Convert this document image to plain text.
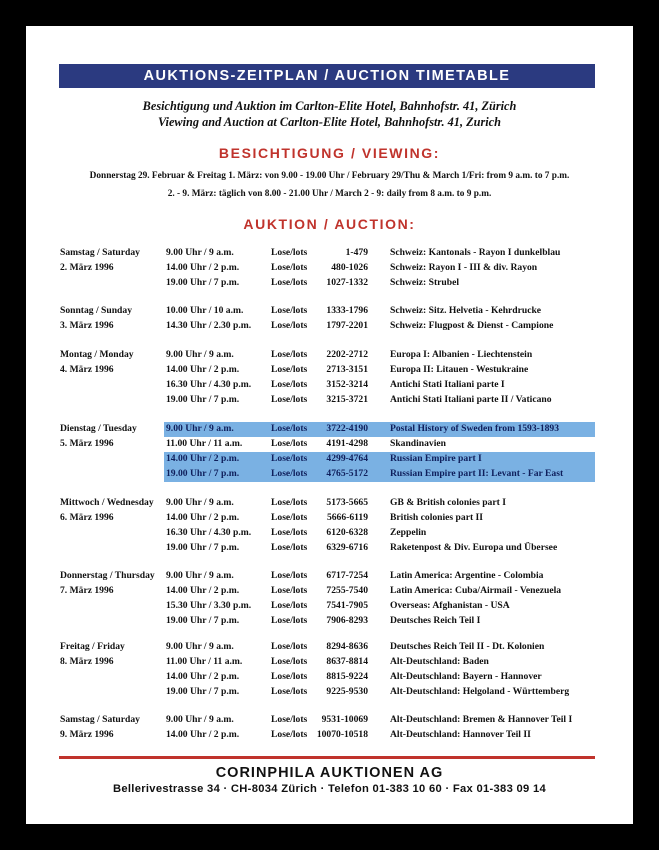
AUKTIONS-ZEITPLAN / AUCTION TIMETABLE
Besichtigung und Auktion im Carlton-Elite Hotel, Bahnhofstr. 41, Zürich
Viewing and Auction at Carlton-Elite Hotel, Bahnhofstr. 41, Zurich
BESICHTIGUNG / VIEWING:
Donnerstag 29. Februar & Freitag 1. März: von 9.00 - 19.00 Uhr / February 29/Thu & March 1/Fri: from 9 a.m. to 7 p.m.
2. - 9. März: täglich von 8.00 - 21.00 Uhr / March 2 - 9: daily from 8 a.m. to 9 p.m.
AUKTION / AUCTION:
Samstag / Saturday
2. März 1996
9.00 Uhr / 9 a.m.	Lose/lots	1-479 Schweiz: Kantonals - Rayon I dunkelblau
14.00 Uhr / 2 p.m.	Lose/lots	480-1026 Schweiz: Rayon I - III & div. Rayon
19.00 Uhr / 7 p.m.	Lose/lots	1027-1332 Schweiz: Strubel
Sonntag / Sunday
3. März 1996
10.00 Uhr / 10 a.m.	Lose/lots	1333-1796 Schweiz: Sitz. Helvetia - Kehrdrucke
14.30 Uhr / 2.30 p.m. Lose/lots	1797-2201 Schweiz: Flugpost & Dienst - Campione
Montag / Monday
4. März 1996
9.00 Uhr / 9 a.m.	Lose/lots	2202-2712 Europa I: Albanien - Liechtenstein
14.00 Uhr / 2 p.m.	Lose/lots	2713-3151 Europa II: Litauen - Westukraine
16.30 Uhr / 4.30 p.m. Lose/lots	3152-3214 Antichi Stati Italiani parte I
19.00 Uhr / 7 p.m.	Lose/lots	3215-3721 Antichi Stati Italiani parte II / Vaticano
Dienstag / Tuesday
5. März 1996
9.00 Uhr / 9 a.m.	Lose/lots	3722-4190 Postal History of Sweden from 1593-1893
11.00 Uhr / 11 a.m.	Lose/lots	4191-4298 Skandinavien
14.00 Uhr / 2 p.m.	Lose/lots	4299-4764 Russian Empire part I
19.00 Uhr / 7 p.m.	Lose/lots	4765-5172 Russian Empire part II: Levant - Far East
Mittwoch / Wednesday
6. März 1996
9.00 Uhr / 9 a.m.	Lose/lots	5173-5665 GB & British colonies part I
14.00 Uhr / 2 p.m.	Lose/lots	5666-6119 British colonies part II
16.30 Uhr / 4.30 p.m. Lose/lots	6120-6328 Zeppelin
19.00 Uhr / 7 p.m.	Lose/lots	6329-6716 Raketenpost & Div. Europa und Übersee
Donnerstag / Thursday
7. März 1996
9.00 Uhr / 9 a.m.	Lose/lots	6717-7254 Latin America: Argentine - Colombia
14.00 Uhr / 2 p.m.	Lose/lots	7255-7540 Latin America: Cuba/Airmail - Venezuela
15.30 Uhr / 3.30 p.m. Lose/lots	7541-7905 Overseas: Afghanistan - USA
19.00 Uhr / 7 p.m.	Lose/lots	7906-8293 Deutsches Reich Teil I
Freitag / Friday
8. März 1996
9.00 Uhr / 9 a.m.	Lose/lots	8294-8636 Deutsches Reich Teil II - Dt. Kolonien
11.00 Uhr / 11 a.m.	Lose/lots	8637-8814 Alt-Deutschland: Baden
14.00 Uhr / 2 p.m.	Lose/lots	8815-9224 Alt-Deutschland: Bayern - Hannover
19.00 Uhr / 7 p.m.	Lose/lots	9225-9530 Alt-Deutschland: Helgoland - Württemberg
Samstag / Saturday
9. März 1996
9.00 Uhr / 9 a.m.	Lose/lots	9531-10069 Alt-Deutschland: Bremen & Hannover Teil I
14.00 Uhr / 2 p.m.	Lose/lots 10070-10518 Alt-Deutschland: Hannover Teil II
CORINPHILA AUKTIONEN AG
Bellerivestrasse 34 · CH-8034 Zürich · Telefon 01-383 10 60 · Fax 01-383 09 14
www.philabooks.com
